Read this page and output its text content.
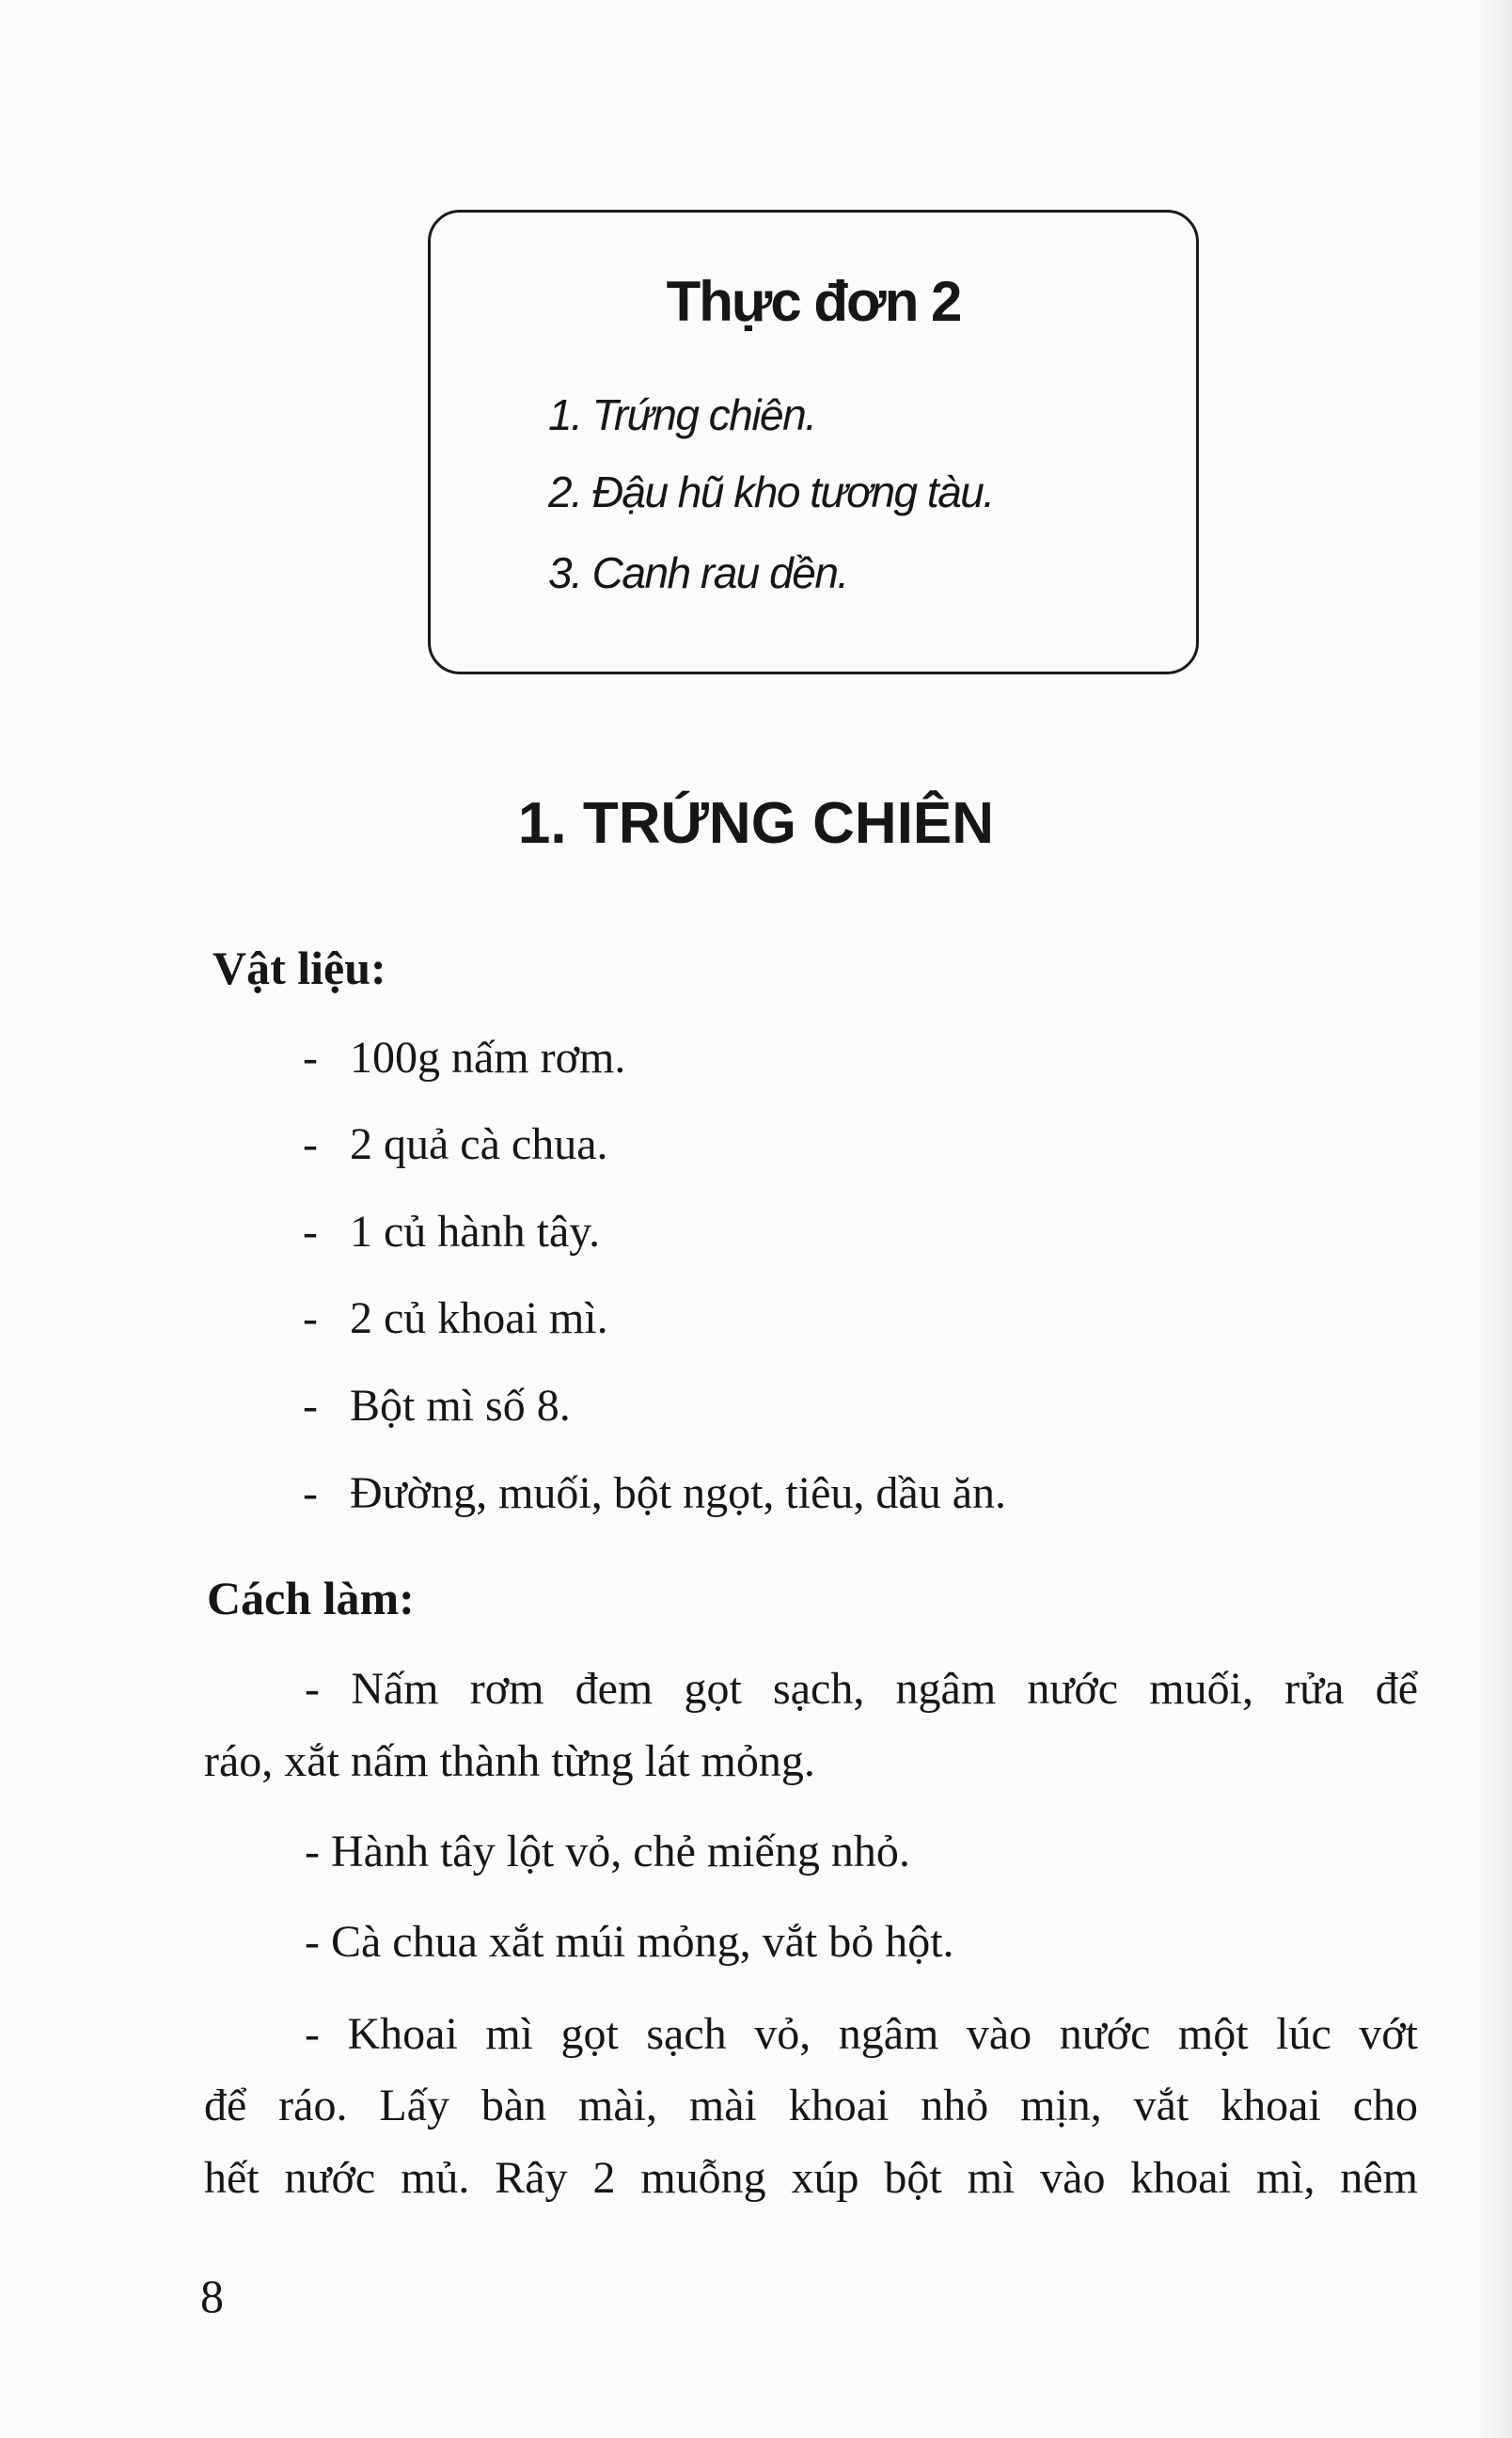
Thực đơn 2
1. Trứng chiên.
2. Đậu hũ kho tương tàu.
3. Canh rau dền.
1. TRỨNG CHIÊN
Vật liệu:
- 100g nấm rơm.
- 2 quả cà chua.
- 1 củ hành tây.
- 2 củ khoai mì.
- Bột mì số 8.
- Đường, muối, bột ngọt, tiêu, dầu ăn.
Cách làm:
- Nấm rơm đem gọt sạch, ngâm nước muối, rửa để
ráo, xắt nấm thành từng lát mỏng.
- Hành tây lột vỏ, chẻ miếng nhỏ.
- Cà chua xắt múi mỏng, vắt bỏ hột.
- Khoai mì gọt sạch vỏ, ngâm vào nước một lúc vớt
để ráo. Lấy bàn mài, mài khoai nhỏ mịn, vắt khoai cho
hết nước mủ. Rây 2 muỗng xúp bột mì vào khoai mì, nêm
8
